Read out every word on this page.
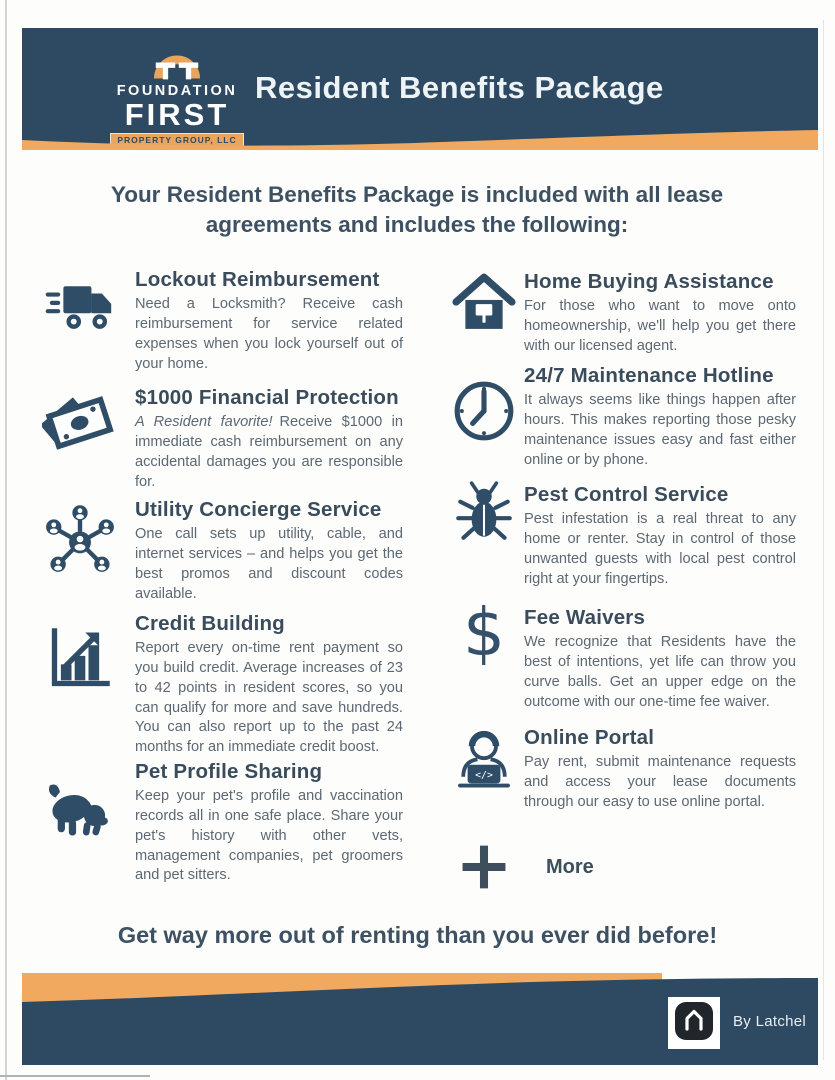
FOUNDATION
FIRST
PROPERTY GROUP, LLC
Resident Benefits Package
Your Resident Benefits Package is included with all lease
agreements and includes the following:
Lockout Reimbursement

Need a Locksmith? Receive cash reimbursement for service related expenses when you lock yourself out of your home.

$1000 Financial Protection

A Resident favorite! Receive $1000 in immediate cash reimbursement on any accidental damages you are responsible for.

Utility Concierge Service

One call sets up utility, cable, and internet services – and helps you get the best promos and discount codes available.

Credit Building

Report every on-time rent payment so you build credit. Average increases of 23 to 42 points in resident scores, so you can qualify for more and save hundreds. You can also report up to the past 24 months for an immediate credit boost.

Pet Profile Sharing

Keep your pet's profile and vaccination records all in one safe place. Share your pet's history with other vets, management companies, pet groomers and pet sitters.

Home Buying Assistance

For those who want to move onto homeownership, we'll help you get there with our licensed agent.

24/7 Maintenance Hotline

It always seems like things happen after hours. This makes reporting those pesky maintenance issues easy and fast either online or by phone.

Pest Control Service

Pest infestation is a real threat to any home or renter. Stay in control of those unwanted guests with local pest control right at your fingertips.

$ Fee Waivers

We recognize that Residents have the best of intentions, yet life can throw you curve balls. Get an upper edge on the outcome with our one-time fee waiver.

</>
Online Portal

Pay rent, submit maintenance requests and access your lease documents through our easy to use online portal.

More
Get way more out of renting than you ever did before!
By Latchel
